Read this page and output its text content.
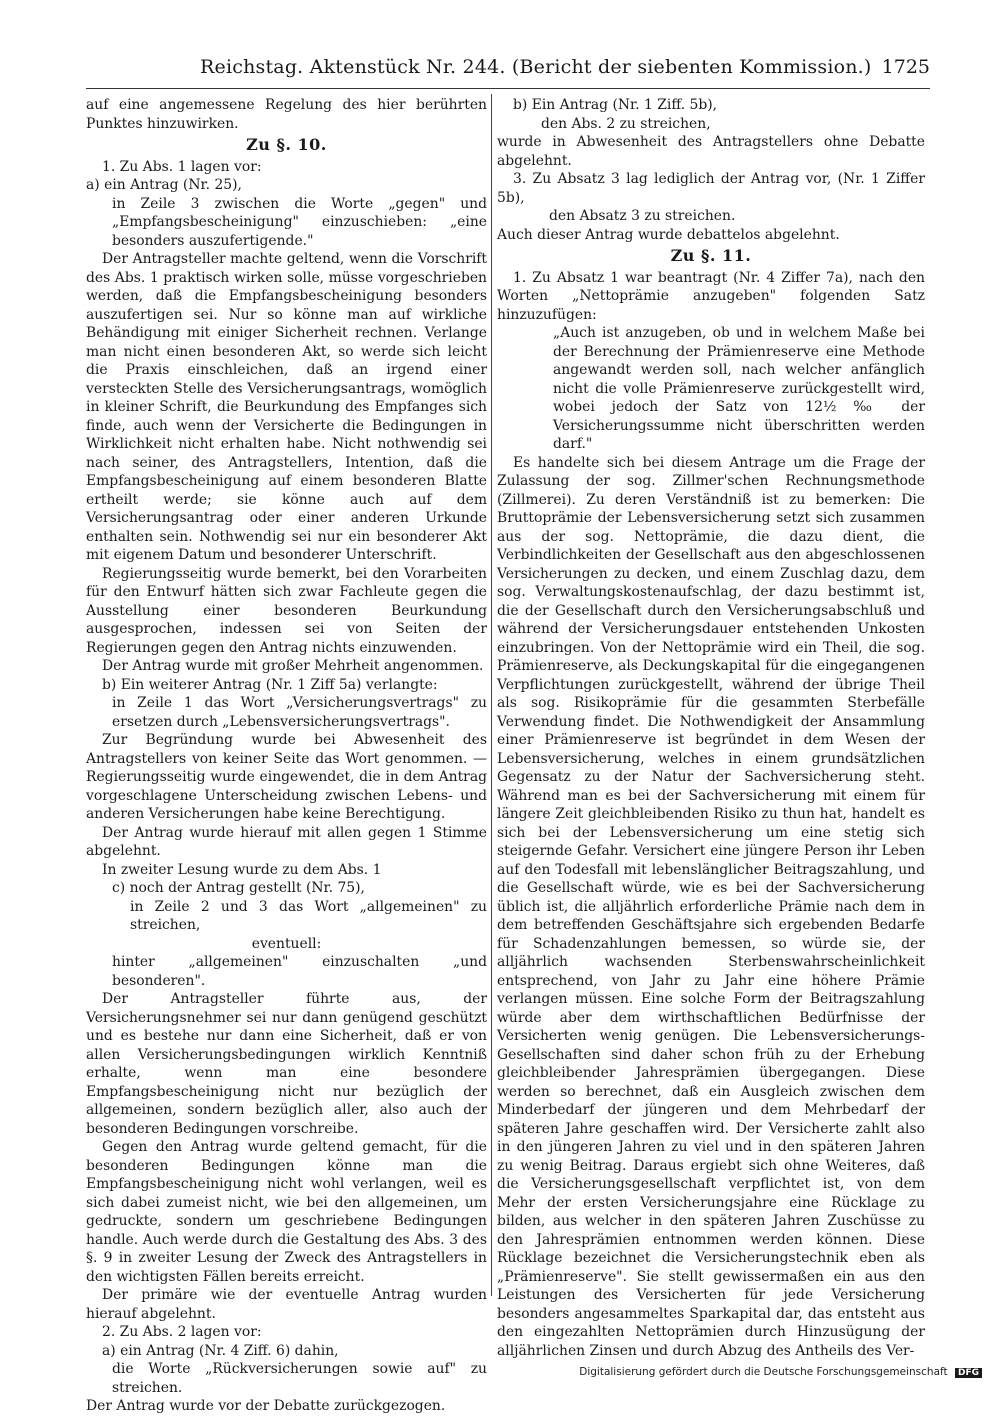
Reichstag. Aktenstück Nr. 244. (Bericht der siebenten Kommission.) 1725

auf eine angemessene Regelung des hier berührten Punktes hinzuwirken.

Zu §. 10.

1. Zu Abs. 1 lagen vor:

a) ein Antrag (Nr. 25),

in Zeile 3 zwischen die Worte „gegen" und „Empfangsbescheinigung" einzuschieben: „eine besonders auszufertigende."

Der Antragsteller machte geltend, wenn die Vorschrift des Abs. 1 praktisch wirken solle, müsse vorgeschrieben werden, daß die Empfangsbescheinigung besonders auszufertigen sei. Nur so könne man auf wirkliche Behändigung mit einiger Sicherheit rechnen. Verlange man nicht einen besonderen Akt, so werde sich leicht die Praxis einschleichen, daß an irgend einer versteckten Stelle des Versicherungsantrags, womöglich in kleiner Schrift, die Beurkundung des Empfanges sich finde, auch wenn der Versicherte die Bedingungen in Wirklichkeit nicht erhalten habe. Nicht nothwendig sei nach seiner, des Antragstellers, Intention, daß die Empfangsbescheinigung auf einem besonderen Blatte ertheilt werde; sie könne auch auf dem Versicherungsantrag oder einer anderen Urkunde enthalten sein. Nothwendig sei nur ein besonderer Akt mit eigenem Datum und besonderer Unterschrift.

Regierungsseitig wurde bemerkt, bei den Vorarbeiten für den Entwurf hätten sich zwar Fachleute gegen die Ausstellung einer besonderen Beurkundung ausgesprochen, indessen sei von Seiten der Regierungen gegen den Antrag nichts einzuwenden.

Der Antrag wurde mit großer Mehrheit angenommen.

b) Ein weiterer Antrag (Nr. 1 Ziff 5a) verlangte:

in Zeile 1 das Wort „Versicherungsvertrags" zu ersetzen durch „Lebensversicherungsvertrags".

Zur Begründung wurde bei Abwesenheit des Antragstellers von keiner Seite das Wort genommen. — Regierungsseitig wurde eingewendet, die in dem Antrag vorgeschlagene Unterscheidung zwischen Lebens- und anderen Versicherungen habe keine Berechtigung.

Der Antrag wurde hierauf mit allen gegen 1 Stimme abgelehnt.

In zweiter Lesung wurde zu dem Abs. 1

c) noch der Antrag gestellt (Nr. 75),

in Zeile 2 und 3 das Wort „allgemeinen" zu streichen,

eventuell:

hinter „allgemeinen" einzuschalten „und besonderen".

Der Antragsteller führte aus, der Versicherungsnehmer sei nur dann genügend geschützt und es bestehe nur dann eine Sicherheit, daß er von allen Versicherungsbedingungen wirklich Kenntniß erhalte, wenn man eine besondere Empfangsbescheinigung nicht nur bezüglich der allgemeinen, sondern bezüglich aller, also auch der besonderen Bedingungen vorschreibe.

Gegen den Antrag wurde geltend gemacht, für die besonderen Bedingungen könne man die Empfangsbescheinigung nicht wohl verlangen, weil es sich dabei zumeist nicht, wie bei den allgemeinen, um gedruckte, sondern um geschriebene Bedingungen handle. Auch werde durch die Gestaltung des Abs. 3 des §. 9 in zweiter Lesung der Zweck des Antragstellers in den wichtigsten Fällen bereits erreicht.

Der primäre wie der eventuelle Antrag wurden hierauf abgelehnt.

2. Zu Abs. 2 lagen vor:

a) ein Antrag (Nr. 4 Ziff. 6) dahin,

die Worte „Rückversicherungen sowie auf" zu streichen.

Der Antrag wurde vor der Debatte zurückgezogen.

b) Ein Antrag (Nr. 1 Ziff. 5b),

den Abs. 2 zu streichen,

wurde in Abwesenheit des Antragstellers ohne Debatte abgelehnt.

3. Zu Absatz 3 lag lediglich der Antrag vor, (Nr. 1 Ziffer 5b),

den Absatz 3 zu streichen.

Auch dieser Antrag wurde debattelos abgelehnt.

Zu §. 11.

1. Zu Absatz 1 war beantragt (Nr. 4 Ziffer 7a), nach den Worten „Nettoprämie anzugeben" folgenden Satz hinzuzufügen:

„Auch ist anzugeben, ob und in welchem Maße bei der Berechnung der Prämienreserve eine Methode angewandt werden soll, nach welcher anfänglich nicht die volle Prämienreserve zurückgestellt wird, wobei jedoch der Satz von 12½ ‰ der Versicherungssumme nicht überschritten werden darf."

Es handelte sich bei diesem Antrage um die Frage der Zulassung der sog. Zillmer'schen Rechnungsmethode (Zillmerei). Zu deren Verständniß ist zu bemerken: Die Bruttoprämie der Lebensversicherung setzt sich zusammen aus der sog. Nettoprämie, die dazu dient, die Verbindlichkeiten der Gesellschaft aus den abgeschlossenen Versicherungen zu decken, und einem Zuschlag dazu, dem sog. Verwaltungskostenaufschlag, der dazu bestimmt ist, die der Gesellschaft durch den Versicherungsabschluß und während der Versicherungsdauer entstehenden Unkosten einzubringen. Von der Nettoprämie wird ein Theil, die sog. Prämienreserve, als Deckungskapital für die eingegangenen Verpflichtungen zurückgestellt, während der übrige Theil als sog. Risikoprämie für die gesammten Sterbefälle Verwendung findet. Die Nothwendigkeit der Ansammlung einer Prämienreserve ist begründet in dem Wesen der Lebensversicherung, welches in einem grundsätzlichen Gegensatz zu der Natur der Sachversicherung steht. Während man es bei der Sachversicherung mit einem für längere Zeit gleichbleibenden Risiko zu thun hat, handelt es sich bei der Lebensversicherung um eine stetig sich steigernde Gefahr. Versichert eine jüngere Person ihr Leben auf den Todesfall mit lebenslänglicher Beitragszahlung, und die Gesellschaft würde, wie es bei der Sachversicherung üblich ist, die alljährlich erforderliche Prämie nach dem in dem betreffenden Geschäftsjahre sich ergebenden Bedarfe für Schadenzahlungen bemessen, so würde sie, der alljährlich wachsenden Sterbenswahrscheinlichkeit entsprechend, von Jahr zu Jahr eine höhere Prämie verlangen müssen. Eine solche Form der Beitragszahlung würde aber dem wirthschaftlichen Bedürfnisse der Versicherten wenig genügen. Die Lebensversicherungs-Gesellschaften sind daher schon früh zu der Erhebung gleichbleibender Jahresprämien übergegangen. Diese werden so berechnet, daß ein Ausgleich zwischen dem Minderbedarf der jüngeren und dem Mehrbedarf der späteren Jahre geschaffen wird. Der Versicherte zahlt also in den jüngeren Jahren zu viel und in den späteren Jahren zu wenig Beitrag. Daraus ergiebt sich ohne Weiteres, daß die Versicherungsgesellschaft verpflichtet ist, von dem Mehr der ersten Versicherungsjahre eine Rücklage zu bilden, aus welcher in den späteren Jahren Zuschüsse zu den Jahresprämien entnommen werden können. Diese Rücklage bezeichnet die Versicherungstechnik eben als „Prämienreserve". Sie stellt gewissermaßen ein aus den Leistungen des Versicherten für jede Versicherung besonders angesammeltes Sparkapital dar, das entsteht aus den eingezahlten Nettoprämien durch Hinzusügung der alljährlichen Zinsen und durch Abzug des Antheils des Ver-

Digitalisierung gefördert durch die Deutsche Forschungsgemeinschaft DFG
